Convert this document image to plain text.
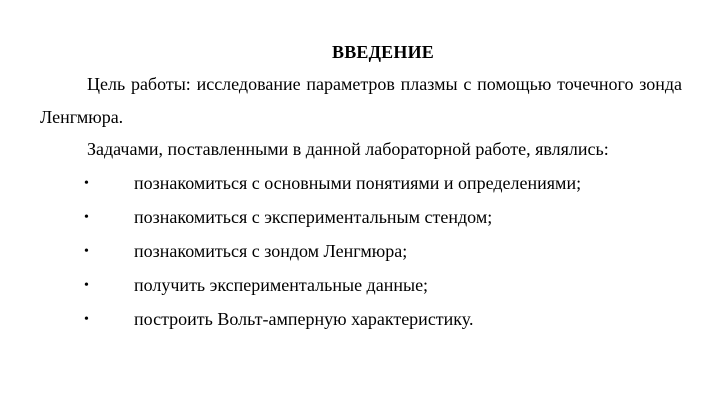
ВВЕДЕНИЕ
Цель работы: исследование параметров плазмы с помощью точечного зонда Ленгмюра.
Задачами, поставленными в данной лабораторной работе, являлись:
•	познакомиться с основными понятиями и определениями;
•	познакомиться с экспериментальным стендом;
•	познакомиться с зондом Ленгмюра;
•	получить экспериментальные данные;
•	построить Вольт-амперную характеристику.
